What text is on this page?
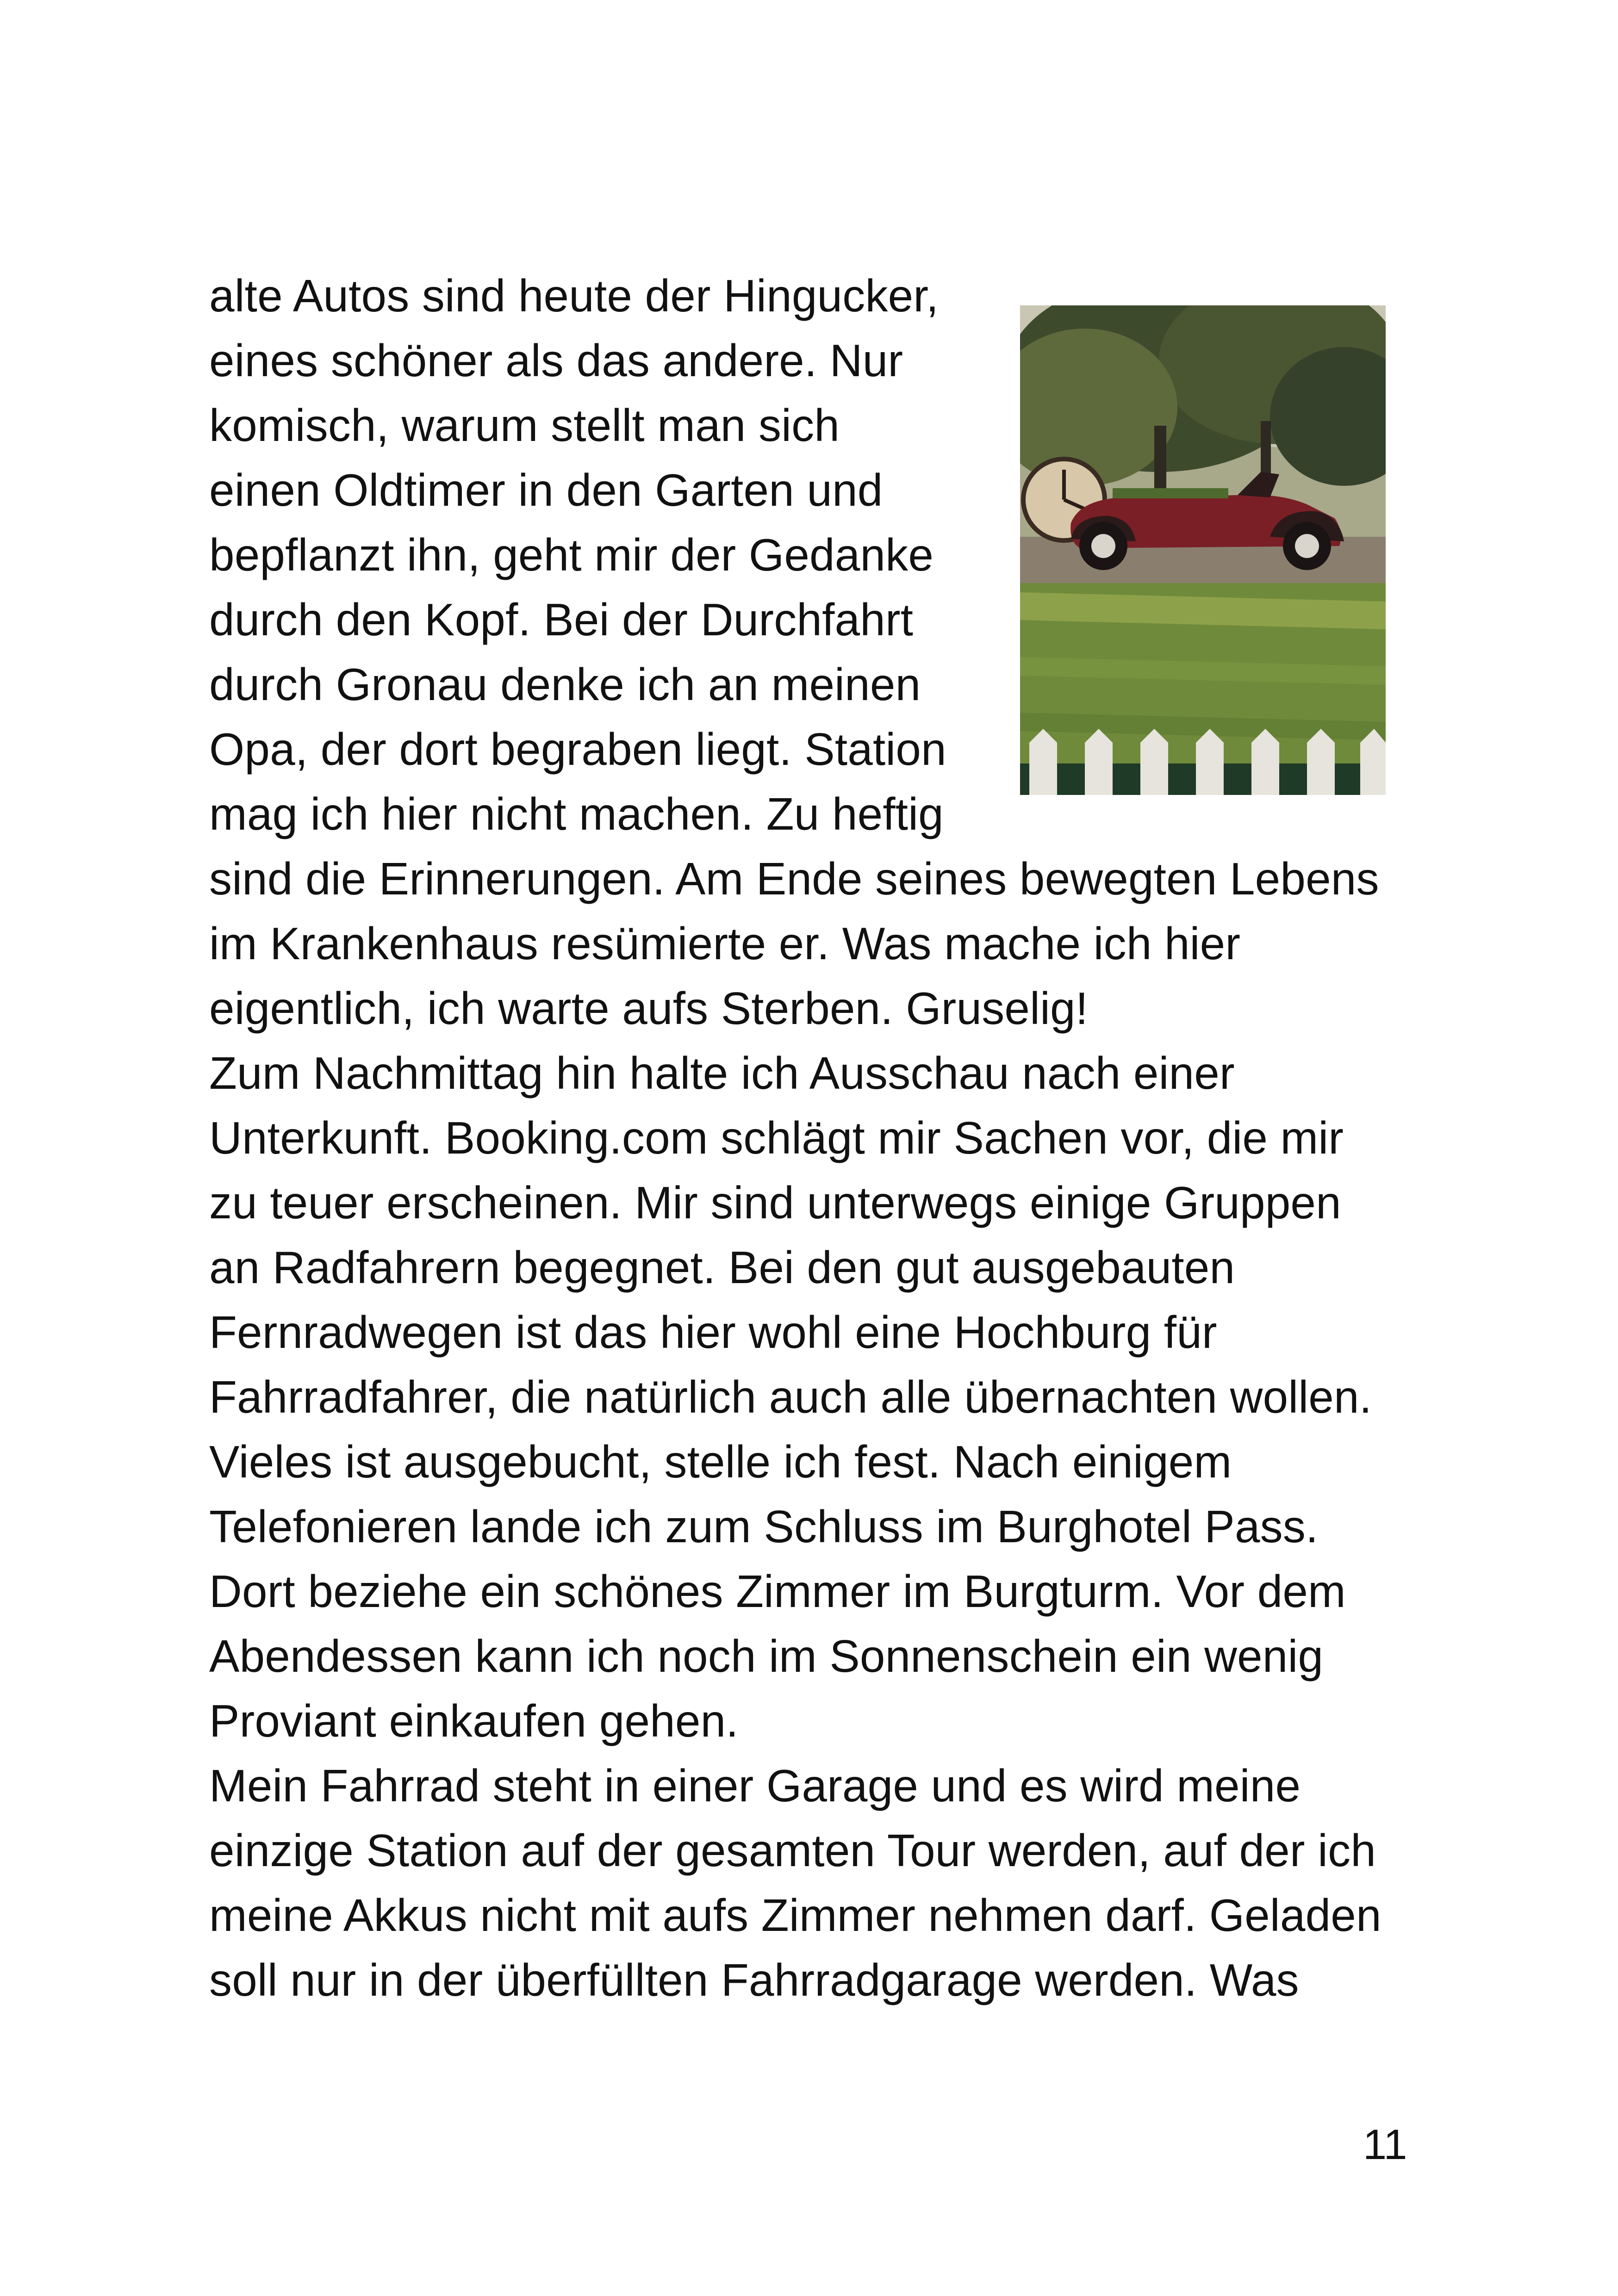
alte Autos sind heute der Hingucker,
eines schöner als das andere. Nur
komisch, warum stellt man sich
einen Oldtimer in den Garten und
bepflanzt ihn, geht mir der Gedanke
durch den Kopf. Bei der Durchfahrt
durch Gronau denke ich an meinen
Opa, der dort begraben liegt. Station
mag ich hier nicht machen. Zu heftig
sind die Erinnerungen. Am Ende seines bewegten Lebens
im Krankenhaus resümierte er. Was mache ich hier
eigentlich, ich warte aufs Sterben. Gruselig!
Zum Nachmittag hin halte ich Ausschau nach einer
Unterkunft. Booking.com schlägt mir Sachen vor, die mir
zu teuer erscheinen. Mir sind unterwegs einige Gruppen
an Radfahrern begegnet. Bei den gut ausgebauten
Fernradwegen ist das hier wohl eine Hochburg für
Fahrradfahrer, die natürlich auch alle übernachten wollen.
Vieles ist ausgebucht, stelle ich fest. Nach einigem
Telefonieren lande ich zum Schluss im Burghotel Pass.
Dort beziehe ein schönes Zimmer im Burgturm. Vor dem
Abendessen kann ich noch im Sonnenschein ein wenig
Proviant einkaufen gehen.
Mein Fahrrad steht in einer Garage und es wird meine
einzige Station auf der gesamten Tour werden, auf der ich
meine Akkus nicht mit aufs Zimmer nehmen darf. Geladen
soll nur in der überfüllten Fahrradgarage werden. Was
11
